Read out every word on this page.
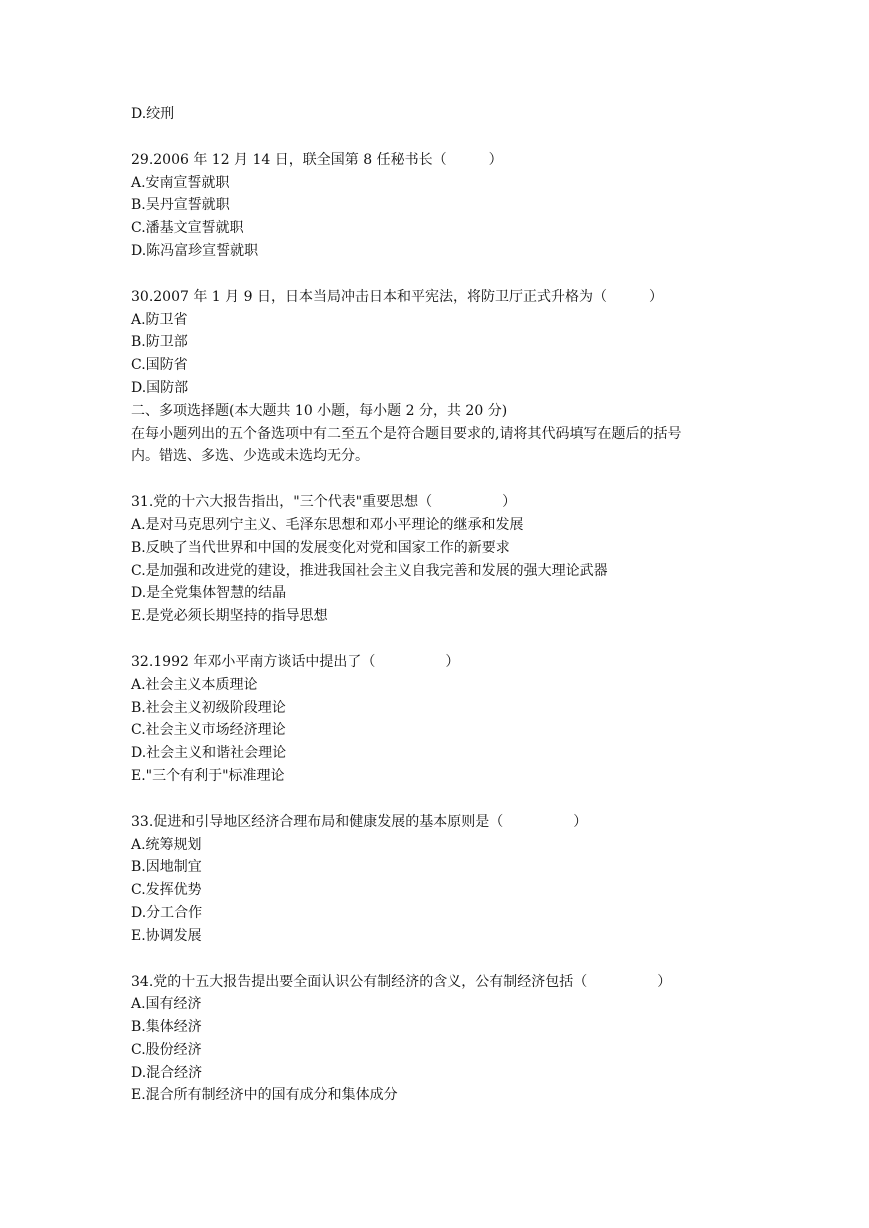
D.绞刑
29.2006 年 12 月 14 日，联全国第 8 任秘书长（　　　）
A.安南宣誓就职
B.吴丹宣誓就职
C.潘基文宣誓就职
D.陈冯富珍宣誓就职
30.2007 年 1 月 9 日，日本当局冲击日本和平宪法，将防卫厅正式升格为（　　　）
A.防卫省
B.防卫部
C.国防省
D.国防部
二、多项选择题(本大题共 10 小题，每小题 2 分，共 20 分)
在每小题列出的五个备选项中有二至五个是符合题目要求的,请将其代码填写在题后的括号
内。错选、多选、少选或未选均无分。
31.党的十六大报告指出，"三个代表"重要思想（　　　　　）
A.是对马克思列宁主义、毛泽东思想和邓小平理论的继承和发展
B.反映了当代世界和中国的发展变化对党和国家工作的新要求
C.是加强和改进党的建设，推进我国社会主义自我完善和发展的强大理论武器
D.是全党集体智慧的结晶
E.是党必须长期坚持的指导思想
32.1992 年邓小平南方谈话中提出了（　　　　　）
A.社会主义本质理论
B.社会主义初级阶段理论
C.社会主义市场经济理论
D.社会主义和谐社会理论
E."三个有利于"标准理论
33.促进和引导地区经济合理布局和健康发展的基本原则是（　　　　　）
A.统筹规划
B.因地制宜
C.发挥优势
D.分工合作
E.协调发展
34.党的十五大报告提出要全面认识公有制经济的含义，公有制经济包括（　　　　　）
A.国有经济
B.集体经济
C.股份经济
D.混合经济
E.混合所有制经济中的国有成分和集体成分
